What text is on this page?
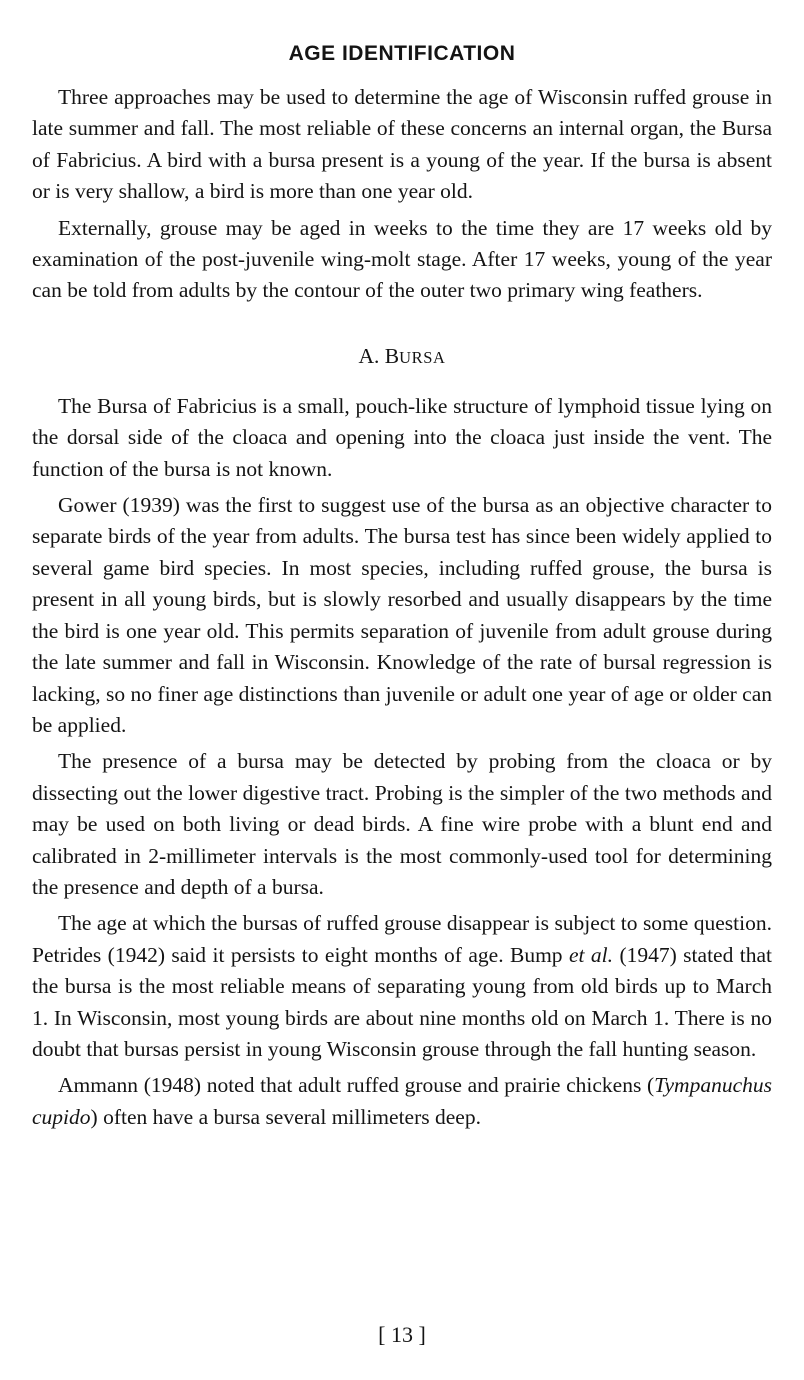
AGE IDENTIFICATION

Three approaches may be used to determine the age of Wisconsin ruffed grouse in late summer and fall. The most reliable of these concerns an internal organ, the Bursa of Fabricius. A bird with a bursa present is a young of the year. If the bursa is absent or is very shallow, a bird is more than one year old.

Externally, grouse may be aged in weeks to the time they are 17 weeks old by examination of the post-juvenile wing-molt stage. After 17 weeks, young of the year can be told from adults by the contour of the outer two primary wing feathers.

A. BURSA

The Bursa of Fabricius is a small, pouch-like structure of lymphoid tissue lying on the dorsal side of the cloaca and opening into the cloaca just inside the vent. The function of the bursa is not known.

Gower (1939) was the first to suggest use of the bursa as an objective character to separate birds of the year from adults. The bursa test has since been widely applied to several game bird species. In most species, including ruffed grouse, the bursa is present in all young birds, but is slowly resorbed and usually disappears by the time the bird is one year old. This permits separation of juvenile from adult grouse during the late summer and fall in Wisconsin. Knowledge of the rate of bursal regression is lacking, so no finer age distinctions than juvenile or adult one year of age or older can be applied.

The presence of a bursa may be detected by probing from the cloaca or by dissecting out the lower digestive tract. Probing is the simpler of the two methods and may be used on both living or dead birds. A fine wire probe with a blunt end and calibrated in 2-millimeter intervals is the most commonly-used tool for determining the presence and depth of a bursa.

The age at which the bursas of ruffed grouse disappear is subject to some question. Petrides (1942) said it persists to eight months of age. Bump et al. (1947) stated that the bursa is the most reliable means of separating young from old birds up to March 1. In Wisconsin, most young birds are about nine months old on March 1. There is no doubt that bursas persist in young Wisconsin grouse through the fall hunting season.

Ammann (1948) noted that adult ruffed grouse and prairie chickens (Tympanuchus cupido) often have a bursa several millimeters deep.

[ 13 ]
